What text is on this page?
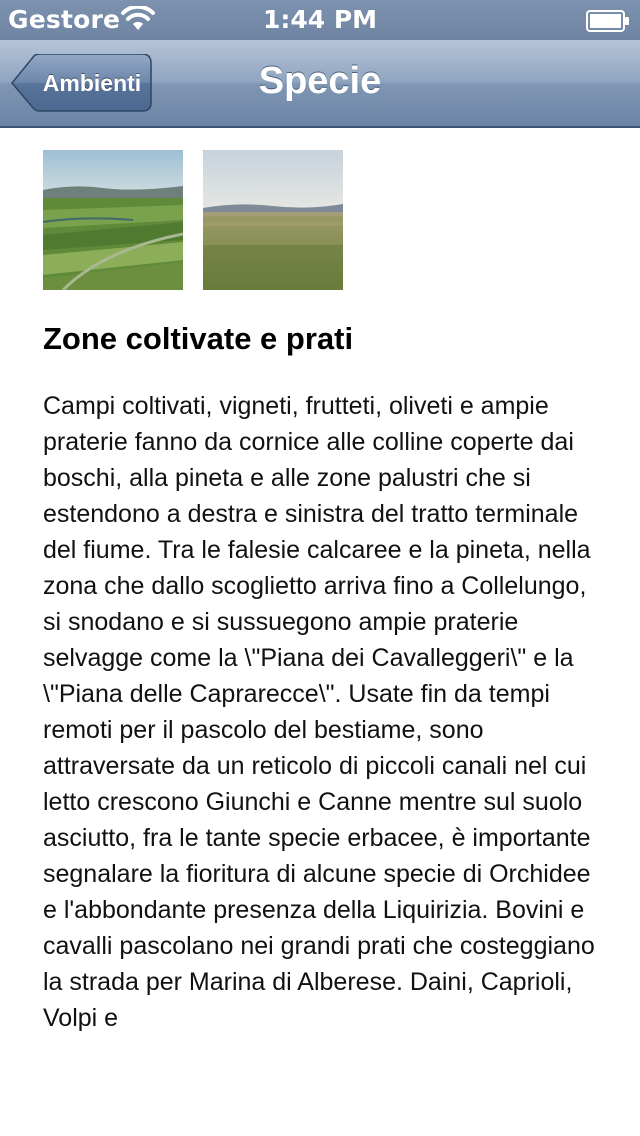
Gestore	1:44 PM
Ambienti	Specie
Zone coltivate e prati

Campi coltivati, vigneti, frutteti, oliveti e ampie praterie fanno da cornice alle colline coperte dai boschi, alla pineta e alle zone palustri che si estendono a destra e sinistra del tratto terminale del fiume. Tra le falesie calcaree e la pineta, nella zona che dallo scoglietto arriva fino a Collelungo, si snodano e si sussuegono ampie praterie selvagge come la \"Piana dei Cavalleggeri\" e la \"Piana delle Caprarecce\". Usate fin da tempi remoti per il pascolo del bestiame, sono attraversate da un reticolo di piccoli canali nel cui letto crescono Giunchi e Canne mentre sul suolo asciutto, fra le tante specie erbacee, è importante segnalare la fioritura di alcune specie di Orchidee e l'abbondante presenza della Liquirizia. Bovini e cavalli pascolano nei grandi prati che costeggiano la strada per Marina di Alberese. Daini, Caprioli, Volpi e
